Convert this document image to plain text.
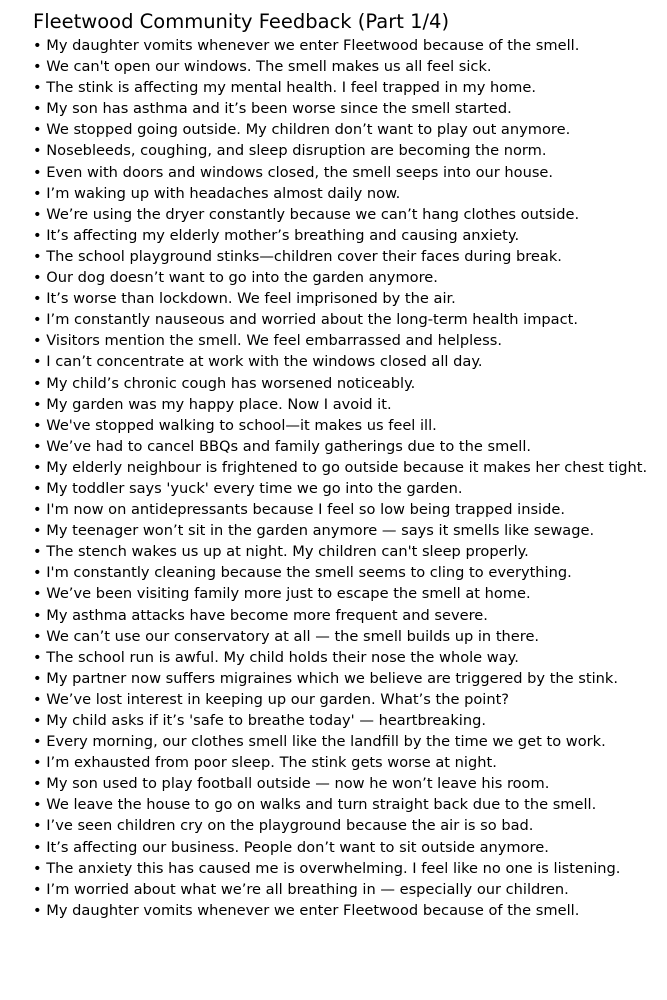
Fleetwood Community Feedback (Part 1/4)
• My daughter vomits whenever we enter Fleetwood because of the smell.
• We can't open our windows. The smell makes us all feel sick.
• The stink is affecting my mental health. I feel trapped in my home.
• My son has asthma and it’s been worse since the smell started.
• We stopped going outside. My children don’t want to play out anymore.
• Nosebleeds, coughing, and sleep disruption are becoming the norm.
• Even with doors and windows closed, the smell seeps into our house.
• I’m waking up with headaches almost daily now.
• We’re using the dryer constantly because we can’t hang clothes outside.
• It’s affecting my elderly mother’s breathing and causing anxiety.
• The school playground stinks—children cover their faces during break.
• Our dog doesn’t want to go into the garden anymore.
• It’s worse than lockdown. We feel imprisoned by the air.
• I’m constantly nauseous and worried about the long-term health impact.
• Visitors mention the smell. We feel embarrassed and helpless.
• I can’t concentrate at work with the windows closed all day.
• My child’s chronic cough has worsened noticeably.
• My garden was my happy place. Now I avoid it.
• We've stopped walking to school—it makes us feel ill.
• We’ve had to cancel BBQs and family gatherings due to the smell.
• My elderly neighbour is frightened to go outside because it makes her chest tight.
• My toddler says 'yuck' every time we go into the garden.
• I'm now on antidepressants because I feel so low being trapped inside.
• My teenager won’t sit in the garden anymore — says it smells like sewage.
• The stench wakes us up at night. My children can't sleep properly.
• I'm constantly cleaning because the smell seems to cling to everything.
• We’ve been visiting family more just to escape the smell at home.
• My asthma attacks have become more frequent and severe.
• We can’t use our conservatory at all — the smell builds up in there.
• The school run is awful. My child holds their nose the whole way.
• My partner now suffers migraines which we believe are triggered by the stink.
• We’ve lost interest in keeping up our garden. What’s the point?
• My child asks if it’s 'safe to breathe today' — heartbreaking.
• Every morning, our clothes smell like the landfill by the time we get to work.
• I’m exhausted from poor sleep. The stink gets worse at night.
• My son used to play football outside — now he won’t leave his room.
• We leave the house to go on walks and turn straight back due to the smell.
• I’ve seen children cry on the playground because the air is so bad.
• It’s affecting our business. People don’t want to sit outside anymore.
• The anxiety this has caused me is overwhelming. I feel like no one is listening.
• I’m worried about what we’re all breathing in — especially our children.
• My daughter vomits whenever we enter Fleetwood because of the smell.
